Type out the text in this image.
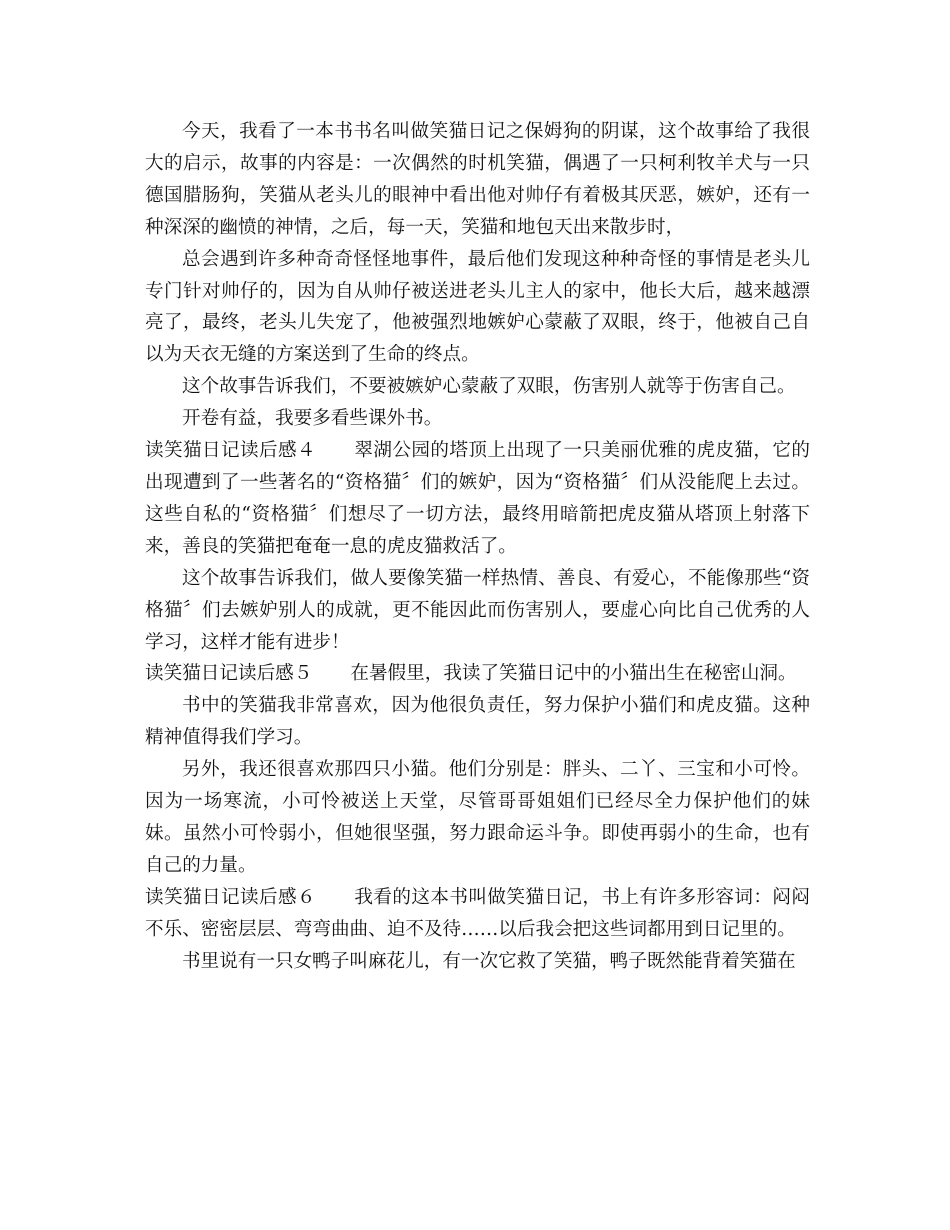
今天，我看了一本书书名叫做笑猫日记之保姆狗的阴谋，这个故事给了我很大的启示，故事的内容是：一次偶然的时机笑猫，偶遇了一只柯利牧羊犬与一只德国腊肠狗，笑猫从老头儿的眼神中看出他对帅仔有着极其厌恶，嫉妒，还有一种深深的幽愤的神情，之后，每一天，笑猫和地包天出来散步时，

总会遇到许多种奇奇怪怪地事件，最后他们发现这种种奇怪的事情是老头儿专门针对帅仔的，因为自从帅仔被送进老头儿主人的家中，他长大后，越来越漂亮了，最终，老头儿失宠了，他被强烈地嫉妒心蒙蔽了双眼，终于，他被自己自以为天衣无缝的方案送到了生命的终点。

这个故事告诉我们，不要被嫉妒心蒙蔽了双眼，伤害别人就等于伤害自己。

开卷有益，我要多看些课外书。

读笑猫日记读后感４ 翠湖公园的塔顶上出现了一只美丽优雅的虎皮猫，它的出现遭到了一些著名的“资格猫〞们的嫉妒，因为“资格猫〞们从没能爬上去过。这些自私的“资格猫〞们想尽了一切方法，最终用暗箭把虎皮猫从塔顶上射落下来，善良的笑猫把奄奄一息的虎皮猫救活了。

这个故事告诉我们，做人要像笑猫一样热情、善良、有爱心，不能像那些“资格猫〞们去嫉妒别人的成就，更不能因此而伤害别人，要虚心向比自己优秀的人学习，这样才能有进步！

读笑猫日记读后感５ 在暑假里，我读了笑猫日记中的小猫出生在秘密山洞。

书中的笑猫我非常喜欢，因为他很负责任，努力保护小猫们和虎皮猫。这种精神值得我们学习。

另外，我还很喜欢那四只小猫。他们分别是：胖头、二丫、三宝和小可怜。因为一场寒流，小可怜被送上天堂，尽管哥哥姐姐们已经尽全力保护他们的妹妹。虽然小可怜弱小，但她很坚强，努力跟命运斗争。即使再弱小的生命，也有自己的力量。

读笑猫日记读后感６ 我看的这本书叫做笑猫日记，书上有许多形容词：闷闷不乐、密密层层、弯弯曲曲、迫不及待……以后我会把这些词都用到日记里的。

书里说有一只女鸭子叫麻花儿，有一次它救了笑猫，鸭子既然能背着笑猫在
